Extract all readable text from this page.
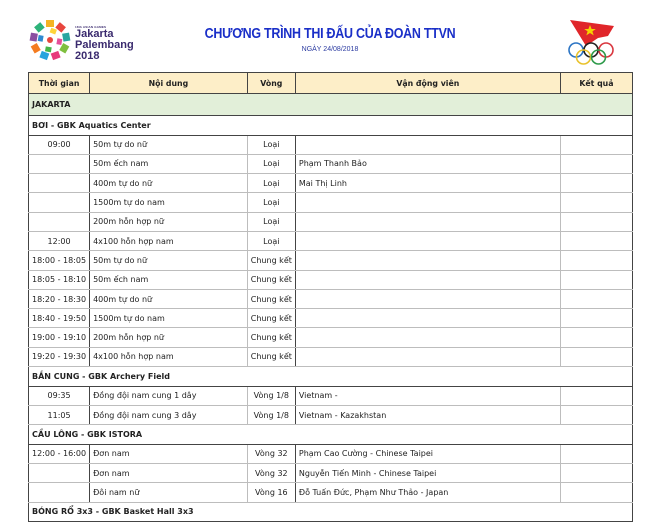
18th ASIAN GAMES
Jakarta
Palembang
2018
CHƯƠNG TRÌNH THI ĐẤU CỦA ĐOÀN TTVN
NGÀY 24/08/2018
Thời gian	Nội dung	Vòng	Vận động viên	Kết quả
JAKARTA				
BƠI - GBK Aquatics Center				
09:00	50m tự do nữ	Loại		
	50m ếch nam	Loại	Phạm Thanh Bảo	
	400m tự do nữ	Loại	Mai Thị Linh	
	1500m tự do nam	Loại		
	200m hỗn hợp nữ	Loại		
12:00	4x100 hỗn hợp nam	Loại		
18:00 - 18:05	50m tự do nữ	Chung kết		
18:05 - 18:10	50m ếch nam	Chung kết		
18:20 - 18:30	400m tự do nữ	Chung kết		
18:40 - 19:50	1500m tự do nam	Chung kết		
19:00 - 19:10	200m hỗn hợp nữ	Chung kết		
19:20 - 19:30	4x100 hỗn hợp nam	Chung kết		
BẮN CUNG - GBK Archery Field				
09:35	Đồng đội nam cung 1 dây	Vòng 1/8	Vietnam -	
11:05	Đồng đội nam cung 3 dây	Vòng 1/8	Vietnam - Kazakhstan	
CẦU LÔNG - GBK ISTORA				
12:00 - 16:00	Đơn nam	Vòng 32	Phạm Cao Cường - Chinese Taipei	
	Đơn nam	Vòng 32	Nguyễn Tiến Minh - Chinese Taipei	
	Đôi nam nữ	Vòng 16	Đỗ Tuấn Đức, Phạm Như Thảo - Japan	
BÓNG RỔ 3x3 - GBK Basket Hall 3x3				
